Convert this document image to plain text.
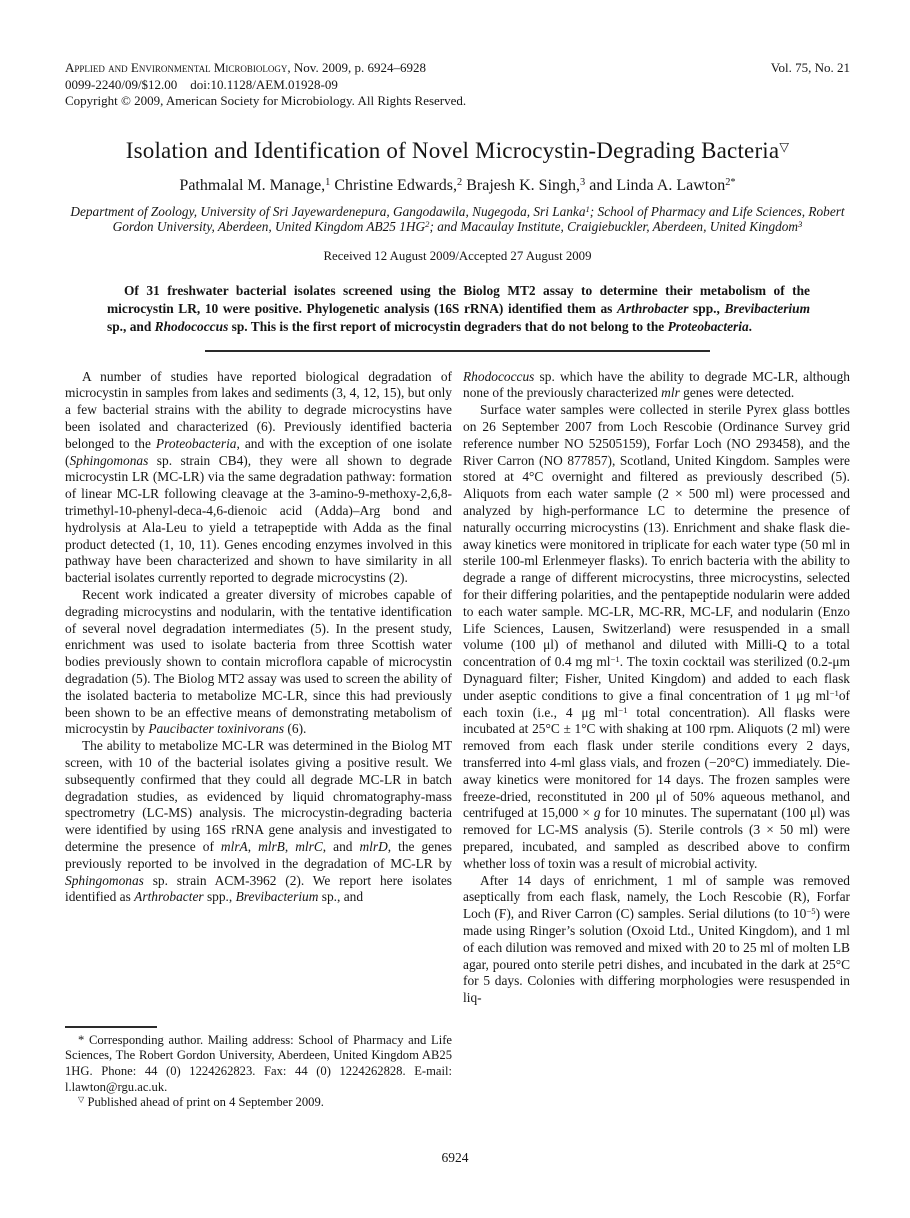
Applied and Environmental Microbiology, Nov. 2009, p. 6924–6928
0099-2240/09/$12.00 doi:10.1128/AEM.01928-09
Copyright © 2009, American Society for Microbiology. All Rights Reserved.
Vol. 75, No. 21
Isolation and Identification of Novel Microcystin-Degrading Bacteria▽
Pathmalal M. Manage,$^1$ Christine Edwards,$^2$ Brajesh K. Singh,$^3$ and Linda A. Lawton$^{2*}$
Department of Zoology, University of Sri Jayewardenepura, Gangodawila, Nugegoda, Sri Lanka$^1$; School of Pharmacy and Life Sciences, Robert Gordon University, Aberdeen, United Kingdom AB25 $1HG^2$; and Macaulay Institute, Craigiebuckler, Aberdeen, United Kingdom$^3$
Received 12 August 2009/Accepted 27 August 2009

Of 31 freshwater bacterial isolates screened using the Biolog MT2 assay to determine their metabolism of the microcystin LR, 10 were positive. Phylogenetic analysis (16S rRNA) identified them as Arthrobacter spp., Brevibacterium sp., and Rhodococcus sp. This is the first report of microcystin degraders that do not belong to the Proteobacteria.

A number of studies have reported biological degradation of microcystin in samples from lakes and sediments (3, 4, 12, 15), but only a few bacterial strains with the ability to degrade microcystins have been isolated and characterized (6). Previously identified bacteria belonged to the Proteobacteria, and with the exception of one isolate (Sphingomonas sp. strain CB4), they were all shown to degrade microcystin LR (MC-LR) via the same degradation pathway: formation of linear MC-LR following cleavage at the 3-amino-9-methoxy-2,6,8-trimethyl-10-phenyl-deca-4,6-dienoic acid (Adda)–Arg bond and hydrolysis at Ala-Leu to yield a tetrapeptide with Adda as the final product detected (1, 10, 11). Genes encoding enzymes involved in this pathway have been characterized and shown to have similarity in all bacterial isolates currently reported to degrade microcystins (2).

Recent work indicated a greater diversity of microbes capable of degrading microcystins and nodularin, with the tentative identification of several novel degradation intermediates (5). In the present study, enrichment was used to isolate bacteria from three Scottish water bodies previously shown to contain microflora capable of microcystin degradation (5). The Biolog MT2 assay was used to screen the ability of the isolated bacteria to metabolize MC-LR, since this had previously been shown to be an effective means of demonstrating metabolism of microcystin by Paucibacter toxinivorans (6).

The ability to metabolize MC-LR was determined in the Biolog MT screen, with 10 of the bacterial isolates giving a positive result. We subsequently confirmed that they could all degrade MC-LR in batch degradation studies, as evidenced by liquid chromatography-mass spectrometry (LC-MS) analysis. The microcystin-degrading bacteria were identified by using 16S rRNA gene analysis and investigated to determine the presence of mlrA, mlrB, mlrC, and mlrD, the genes previously reported to be involved in the degradation of MC-LR by Sphingomonas sp. strain ACM-3962 (2). We report here isolates identified as Arthrobacter spp., Brevibacterium sp., and

* Corresponding author. Mailing address: School of Pharmacy and Life Sciences, The Robert Gordon University, Aberdeen, United Kingdom AB25 1HG. Phone: 44 (0) 1224262823. Fax: 44 (0) 1224262828. E-mail: l.lawton@rgu.ac.uk.

▽ Published ahead of print on 4 September 2009.

Rhodococcus sp. which have the ability to degrade MC-LR, although none of the previously characterized mlr genes were detected.

Surface water samples were collected in sterile Pyrex glass bottles on 26 September 2007 from Loch Rescobie (Ordinance Survey grid reference number NO 52505159), Forfar Loch (NO 293458), and the River Carron (NO 877857), Scotland, United Kingdom. Samples were stored at 4°C overnight and filtered as previously described (5). Aliquots from each water sample (2 × 500 ml) were processed and analyzed by high-performance LC to determine the presence of naturally occurring microcystins (13). Enrichment and shake flask die-away kinetics were monitored in triplicate for each water type (50 ml in sterile 100-ml Erlenmeyer flasks). To enrich bacteria with the ability to degrade a range of different microcystins, three microcystins, selected for their differing polarities, and the pentapeptide nodularin were added to each water sample. MC-LR, MC-RR, MC-LF, and nodularin (Enzo Life Sciences, Lausen, Switzerland) were resuspended in a small volume (100 μl) of methanol and diluted with Milli-Q to a total concentration of 0.4 mg $ml^{-1}$. The toxin cocktail was sterilized (0.2-μm Dynaguard filter; Fisher, United Kingdom) and added to each flask under aseptic conditions to give a final concentration of 1 μg $ml^{-1}of$ each toxin (i.e., 4 μg $ml^{-1}$ total concentration). All flasks were incubated at 25°C ± 1°C with shaking at 100 rpm. Aliquots (2 ml) were removed from each flask under sterile conditions every 2 days, transferred into 4-ml glass vials, and frozen (−20°C) immediately. Die-away kinetics were monitored for 14 days. The frozen samples were freeze-dried, reconstituted in 200 μl of 50% aqueous methanol, and centrifuged at 15,000 × g for 10 minutes. The supernatant (100 μl) was removed for LC-MS analysis (5). Sterile controls (3 × 50 ml) were prepared, incubated, and sampled as described above to confirm whether loss of toxin was a result of microbial activity.

After 14 days of enrichment, 1 ml of sample was removed aseptically from each flask, namely, the Loch Rescobie (R), Forfar Loch (F), and River Carron (C) samples. Serial dilutions (to $10^{-5}$) were made using Ringer’s solution (Oxoid Ltd., United Kingdom), and 1 ml of each dilution was removed and mixed with 20 to 25 ml of molten LB agar, poured onto sterile petri dishes, and incubated in the dark at 25°C for 5 days. Colonies with differing morphologies were resuspended in liq-

6924
